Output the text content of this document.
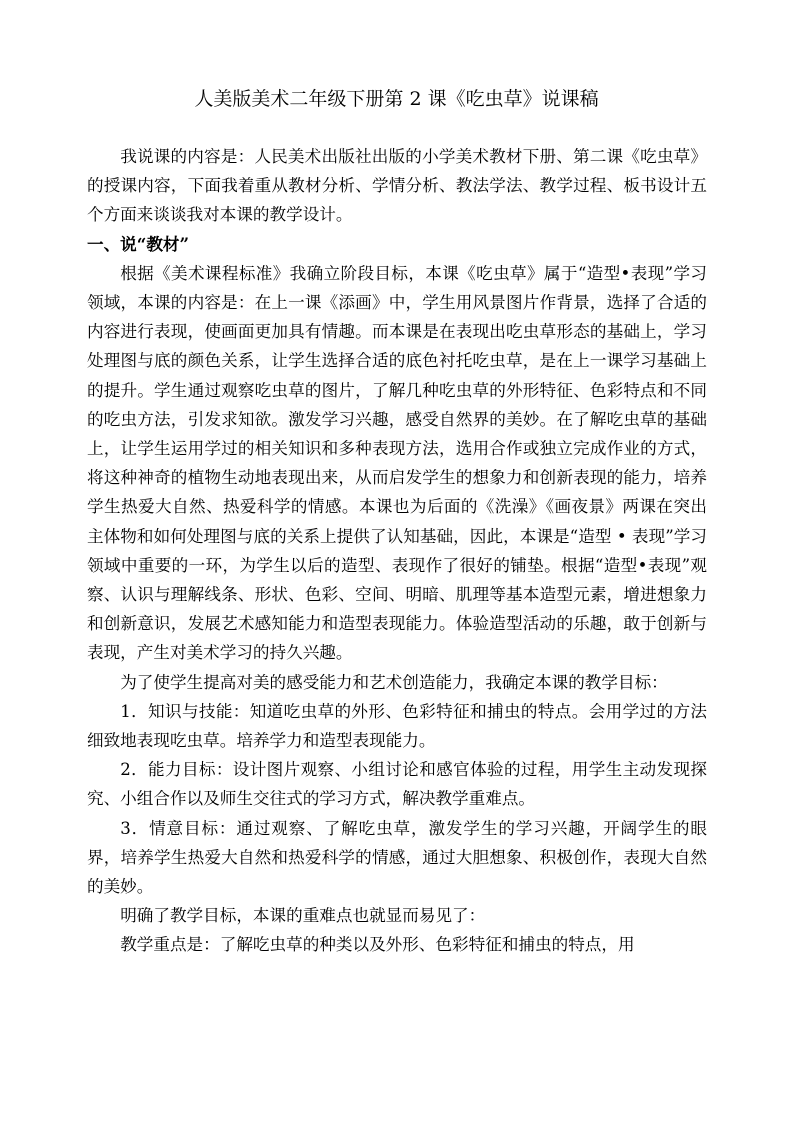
人美版美术二年级下册第 2 课《吃虫草》说课稿

我说课的内容是：人民美术出版社出版的小学美术教材下册、第二课《吃虫草》的授课内容，下面我着重从教材分析、学情分析、教法学法、教学过程、板书设计五个方面来谈谈我对本课的教学设计。

一、说“教材”

根据《美术课程标准》我确立阶段目标，本课《吃虫草》属于“造型•表现”学习领域，本课的内容是：在上一课《添画》中，学生用风景图片作背景，选择了合适的内容进行表现，使画面更加具有情趣。而本课是在表现出吃虫草形态的基础上，学习处理图与底的颜色关系，让学生选择合适的底色衬托吃虫草，是在上一课学习基础上的提升。学生通过观察吃虫草的图片，了解几种吃虫草的外形特征、色彩特点和不同的吃虫方法，引发求知欲。激发学习兴趣，感受自然界的美妙。在了解吃虫草的基础上，让学生运用学过的相关知识和多种表现方法，选用合作或独立完成作业的方式，将这种神奇的植物生动地表现出来，从而启发学生的想象力和创新表现的能力，培养学生热爱大自然、热爱科学的情感。本课也为后面的《洗澡》《画夜景》两课在突出主体物和如何处理图与底的关系上提供了认知基础，因此，本课是“造型 • 表现”学习领域中重要的一环，为学生以后的造型、表现作了很好的铺垫。根据“造型•表现”观察、认识与理解线条、形状、色彩、空间、明暗、肌理等基本造型元素，增进想象力和创新意识，发展艺术感知能力和造型表现能力。体验造型活动的乐趣，敢于创新与表现，产生对美术学习的持久兴趣。

为了使学生提高对美的感受能力和艺术创造能力，我确定本课的教学目标：

1．知识与技能：知道吃虫草的外形、色彩特征和捕虫的特点。会用学过的方法细致地表现吃虫草。培养学力和造型表现能力。

2．能力目标：设计图片观察、小组讨论和感官体验的过程，用学生主动发现探究、小组合作以及师生交往式的学习方式，解决教学重难点。

3．情意目标：通过观察、了解吃虫草，激发学生的学习兴趣，开阔学生的眼界，培养学生热爱大自然和热爱科学的情感，通过大胆想象、积极创作，表现大自然的美妙。

明确了教学目标，本课的重难点也就显而易见了：

教学重点是：了解吃虫草的种类以及外形、色彩特征和捕虫的特点，用
